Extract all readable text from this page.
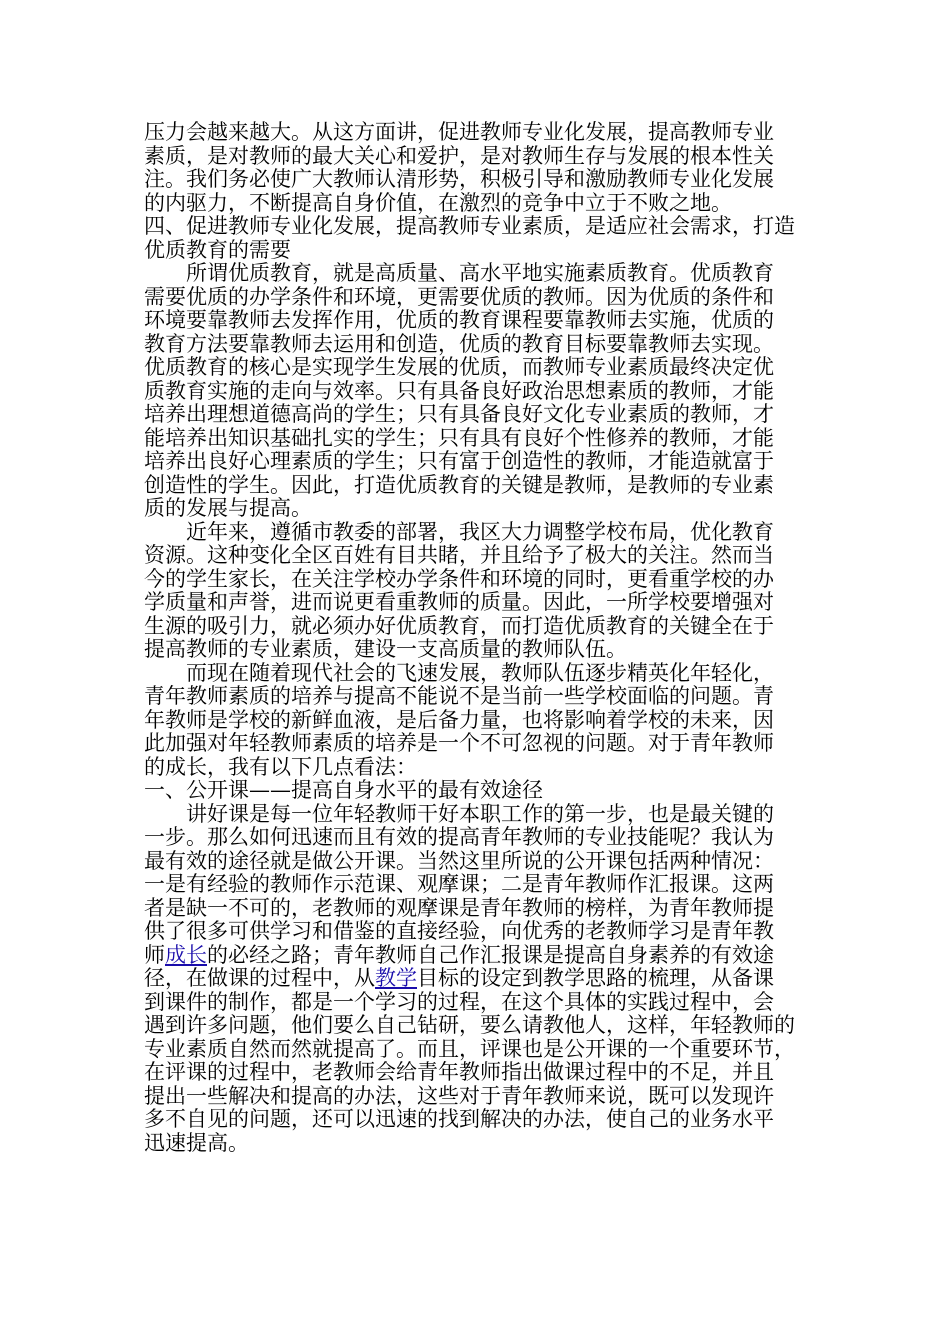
压力会越来越大。从这方面讲，促进教师专业化发展，提高教师专业
素质，是对教师的最大关心和爱护，是对教师生存与发展的根本性关
注。我们务必使广大教师认清形势，积极引导和激励教师专业化发展
的内驱力，不断提高自身价值，在激烈的竞争中立于不败之地。
四、促进教师专业化发展，提高教师专业素质，是适应社会需求，打造
优质教育的需要
所谓优质教育，就是高质量、高水平地实施素质教育。优质教育
需要优质的办学条件和环境，更需要优质的教师。因为优质的条件和
环境要靠教师去发挥作用，优质的教育课程要靠教师去实施，优质的
教育方法要靠教师去运用和创造，优质的教育目标要靠教师去实现。
优质教育的核心是实现学生发展的优质，而教师专业素质最终决定优
质教育实施的走向与效率。只有具备良好政治思想素质的教师，才能
培养出理想道德高尚的学生；只有具备良好文化专业素质的教师，才
能培养出知识基础扎实的学生；只有具有良好个性修养的教师，才能
培养出良好心理素质的学生；只有富于创造性的教师，才能造就富于
创造性的学生。因此，打造优质教育的关键是教师，是教师的专业素
质的发展与提高。
近年来，遵循市教委的部署，我区大力调整学校布局，优化教育
资源。这种变化全区百姓有目共睹，并且给予了极大的关注。然而当
今的学生家长，在关注学校办学条件和环境的同时，更看重学校的办
学质量和声誉，进而说更看重教师的质量。因此，一所学校要增强对
生源的吸引力，就必须办好优质教育，而打造优质教育的关键全在于
提高教师的专业素质，建设一支高质量的教师队伍。
而现在随着现代社会的飞速发展，教师队伍逐步精英化年轻化，
青年教师素质的培养与提高不能说不是当前一些学校面临的问题。青
年教师是学校的新鲜血液，是后备力量，也将影响着学校的未来，因
此加强对年轻教师素质的培养是一个不可忽视的问题。对于青年教师
的成长，我有以下几点看法：
一、公开课——提高自身水平的最有效途径
讲好课是每一位年轻教师干好本职工作的第一步，也是最关键的
一步。那么如何迅速而且有效的提高青年教师的专业技能呢？我认为
最有效的途径就是做公开课。当然这里所说的公开课包括两种情况：
一是有经验的教师作示范课、观摩课；二是青年教师作汇报课。这两
者是缺一不可的，老教师的观摩课是青年教师的榜样，为青年教师提
供了很多可供学习和借鉴的直接经验，向优秀的老教师学习是青年教
师成长的必经之路；青年教师自己作汇报课是提高自身素养的有效途
径，在做课的过程中，从教学目标的设定到教学思路的梳理，从备课
到课件的制作，都是一个学习的过程，在这个具体的实践过程中，会
遇到许多问题，他们要么自己钻研，要么请教他人，这样，年轻教师的
专业素质自然而然就提高了。而且，评课也是公开课的一个重要环节，
在评课的过程中，老教师会给青年教师指出做课过程中的不足，并且
提出一些解决和提高的办法，这些对于青年教师来说，既可以发现许
多不自见的问题，还可以迅速的找到解决的办法，使自己的业务水平
迅速提高。
